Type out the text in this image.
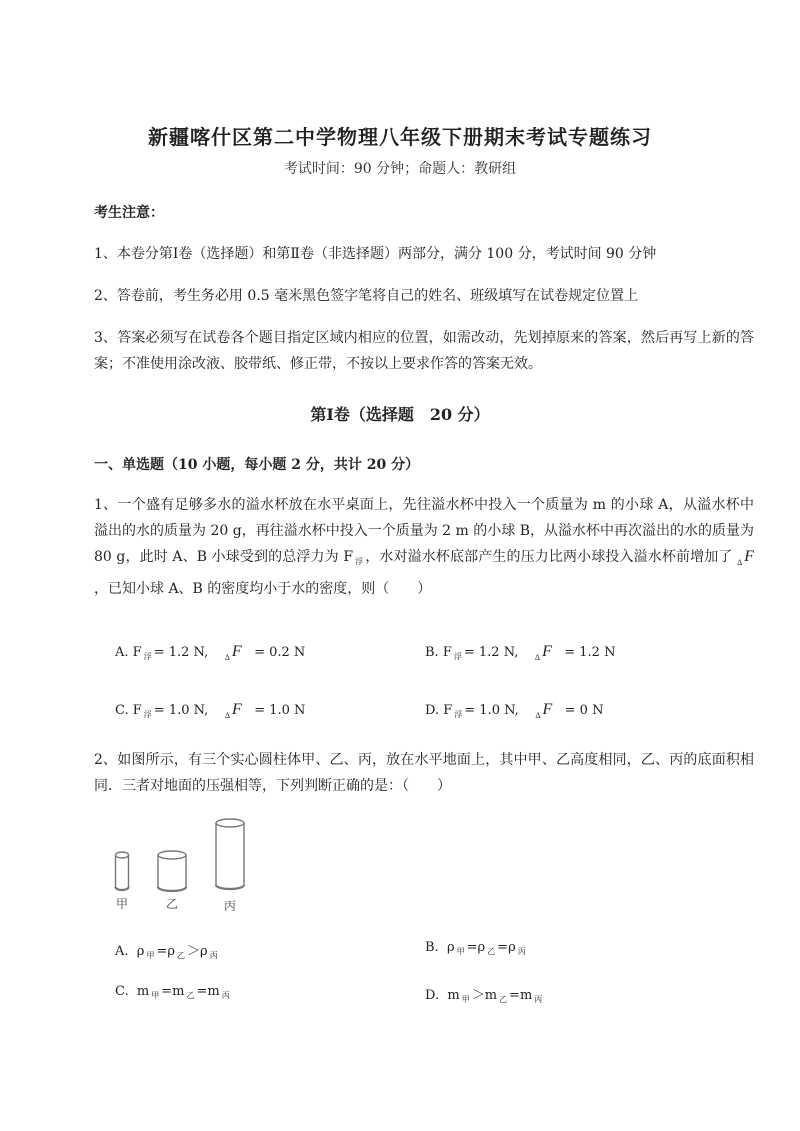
新疆喀什区第二中学物理八年级下册期末考试专题练习
考试时间：90 分钟；命题人：教研组
考生注意：
1、本卷分第Ⅰ卷（选择题）和第Ⅱ卷（非选择题）两部分，满分 100 分，考试时间 90 分钟
2、答卷前，考生务必用 0.5 毫米黑色签字笔将自己的姓名、班级填写在试卷规定位置上
3、答案必须写在试卷各个题目指定区域内相应的位置，如需改动，先划掉原来的答案，然后再写上新的答案；不准使用涂改液、胶带纸、修正带，不按以上要求作答的答案无效。
第Ⅰ卷（选择题　20 分）
一、单选题（10 小题，每小题 2 分，共计 20 分）
1、一个盛有足够多水的溢水杯放在水平桌面上，先往溢水杯中投入一个质量为 m 的小球 A，从溢水杯中溢出的水的质量为 20 g，再往溢水杯中投入一个质量为 2 m 的小球 B，从溢水杯中再次溢出的水的质量为 80 g，此时 A、B 小球受到的总浮力为 F $_浮$ ，水对溢水杯底部产生的压力比两小球投入溢水杯前增加了 $_\Delta$ F ，已知小球 A、B 的密度均小于水的密度，则（　　）
A. F $_浮$ = 1.2 N, $_\Delta$ F = 0.2 N	B. F $_浮$ = 1.2 N, $_\Delta$ F = 1.2 N
C. F $_浮$ = 1.0 N, $_\Delta$ F = 1.0 N	D. F $_浮$ = 1.0 N, $_\Delta$ F = 0 N
2、如图所示，有三个实心圆柱体甲、乙、丙，放在水平地面上，其中甲、乙高度相同，乙、丙的底面积相同．三者对地面的压强相等，下列判断正确的是：（　　）
甲	乙	丙
A. ρ $_甲$ =ρ $_乙$ ＞ρ $_丙$
B. ρ $_甲$ =ρ $_乙$ =ρ $_丙$
C. m $_甲$ =m $_乙$ =m $_丙$	D. m $_甲$ ＞m $_乙$ =m $_丙$
